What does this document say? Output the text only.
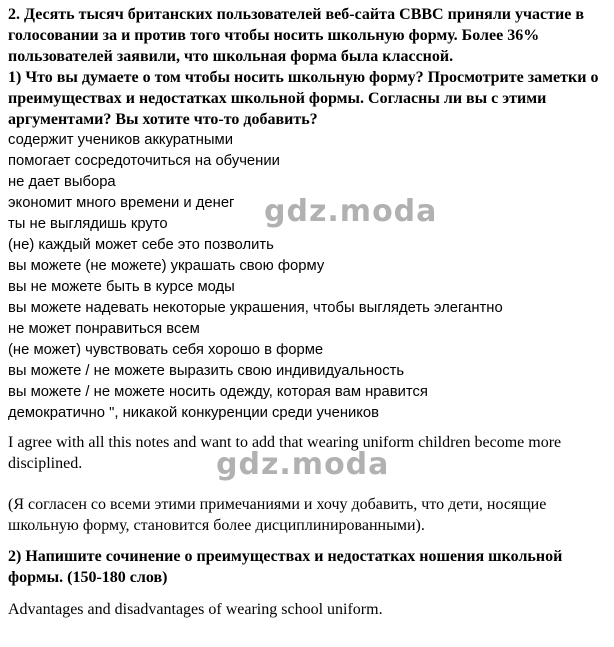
2. Десять тысяч британских пользователей веб-сайта CBBC приняли участие в голосовании за и против того чтобы носить школьную форму. Более 36% пользователей заявили, что школьная форма была классной.

1) Что вы думаете о том чтобы носить школьную форму? Просмотрите заметки о преимуществах и недостатках школьной формы. Согласны ли вы с этими аргументами? Вы хотите что-то добавить?

содержит учеников аккуратными
помогает сосредоточиться на обучении
не дает выбора
экономит много времени и денег
ты не выглядишь круто
(не) каждый может себе это позволить
вы можете (не можете) украшать свою форму
вы не можете быть в курсе моды
вы можете надевать некоторые украшения, чтобы выглядеть элегантно
не может понравиться всем
(не может) чувствовать себя хорошо в форме
вы можете / не можете выразить свою индивидуальность
вы можете / не можете носить одежду, которая вам нравится
демократично ", никакой конкуренции среди учеников

I agree with all this notes and want to add that wearing uniform children become more disciplined.

(Я согласен со всеми этими примечаниями и хочу добавить, что дети, носящие школьную форму, становится более дисциплинированными).

2) Напишите сочинение о преимуществах и недостатках ношения школьной формы. (150-180 слов)

Advantages and disadvantages of wearing school uniform.

gdz.moda
gdz.moda
